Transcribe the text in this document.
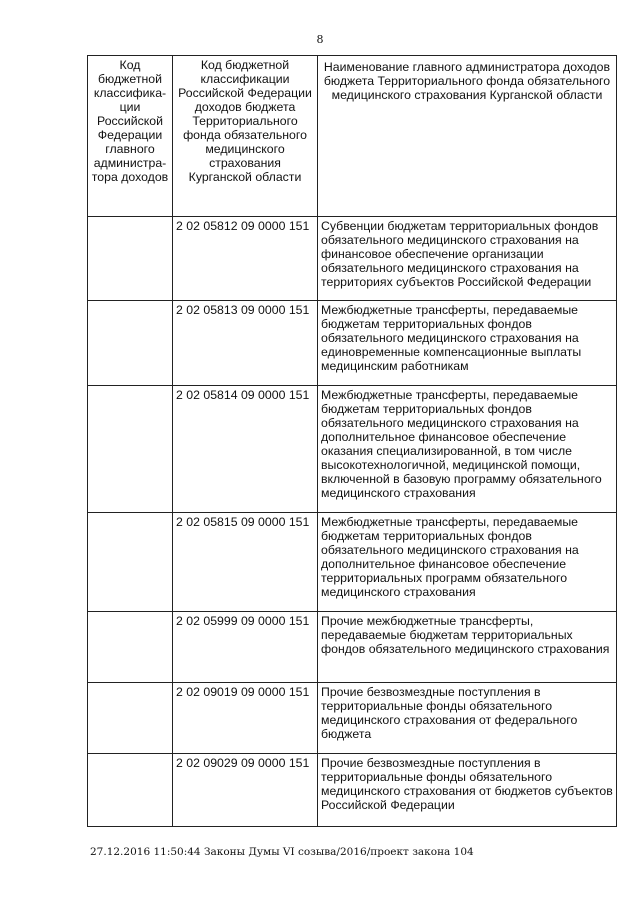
8
Код бюджетной классифика-ции Российской Федерации главного администра-тора доходов	Код бюджетной классификации Российской Федерации доходов бюджета Территориального фонда обязательного медицинского страхования Курганской области	Наименование главного администратора доходов бюджета Территориального фонда обязательного медицинского страхования Курганской области
	2 02 05812 09 0000 151	Субвенции бюджетам территориальных фондов обязательного медицинского страхования на финансовое обеспечение организации обязательного медицинского страхования на территориях субъектов Российской Федерации
	2 02 05813 09 0000 151	Межбюджетные трансферты, передаваемые бюджетам территориальных фондов обязательного медицинского страхования на единовременные компенсационные выплаты медицинским работникам
	2 02 05814 09 0000 151	Межбюджетные трансферты, передаваемые бюджетам территориальных фондов обязательного медицинского страхования на дополнительное финансовое обеспечение оказания специализированной, в том числе высокотехнологичной, медицинской помощи, включенной в базовую программу обязательного медицинского страхования
	2 02 05815 09 0000 151	Межбюджетные трансферты, передаваемые бюджетам территориальных фондов обязательного медицинского страхования на дополнительное финансовое обеспечение территориальных программ обязательного медицинского страхования
	2 02 05999 09 0000 151	Прочие межбюджетные трансферты, передаваемые бюджетам территориальных фондов обязательного медицинского страхования
	2 02 09019 09 0000 151	Прочие безвозмездные поступления в территориальные фонды обязательного медицинского страхования от федерального бюджета
	2 02 09029 09 0000 151	Прочие безвозмездные поступления в территориальные фонды обязательного медицинского страхования от бюджетов субъектов Российской Федерации
27.12.2016 11:50:44 Законы Думы VI созыва/2016/проект закона 104
